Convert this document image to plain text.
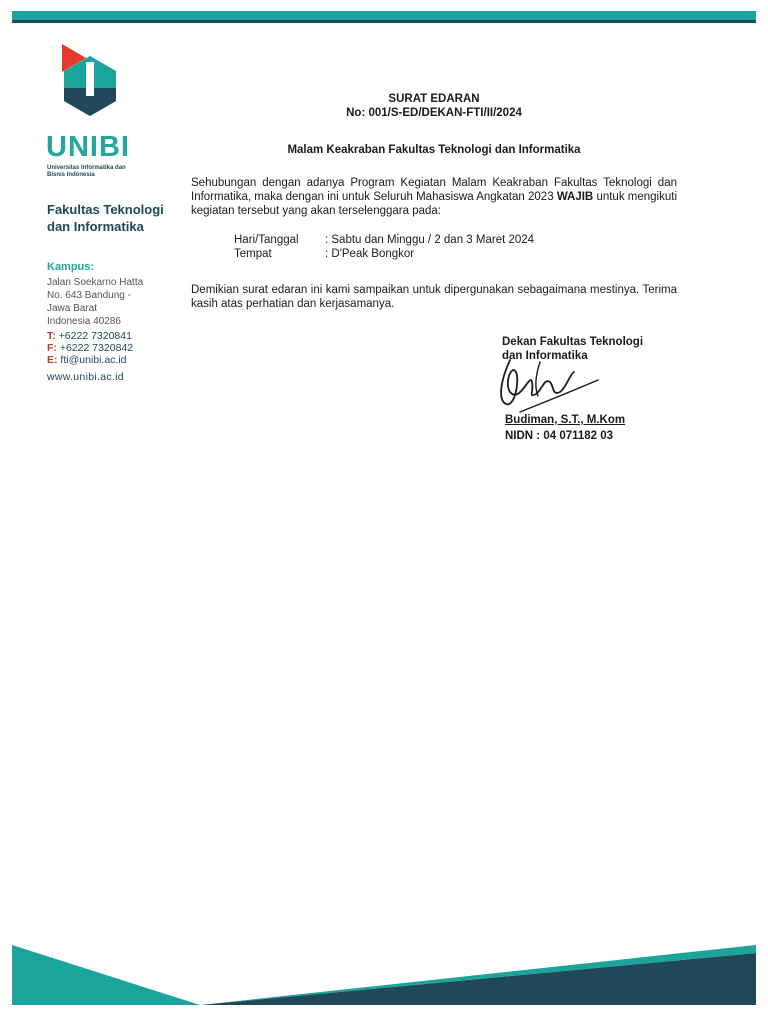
UNIBI
Universitas Informatika dan Bisnis Indonesia
Fakultas Teknologi
dan Informatika
Kampus:
Jalan Soekarno Hatta
No. 643 Bandung -
Jawa Barat
Indonesia 40286
T: +6222 7320841
F: +6222 7320842
E: fti@unibi.ac.id
www.unibi.ac.id
SURAT EDARAN
No: 001/S-ED/DEKAN-FTI/II/2024
Malam Keakraban Fakultas Teknologi dan Informatika
Sehubungan dengan adanya Program Kegiatan Malam Keakraban Fakultas Teknologi dan Informatika, maka dengan ini untuk Seluruh Mahasiswa Angkatan 2023 WAJIB untuk mengikuti kegiatan tersebut yang akan terselenggara pada:
Hari/Tanggal	: Sabtu dan Minggu / 2 dan 3 Maret 2024
Tempat	: D'Peak Bongkor
Demikian surat edaran ini kami sampaikan untuk dipergunakan sebagaimana mestinya. Terima kasih atas perhatian dan kerjasamanya.
Dekan Fakultas Teknologi
dan Informatika
Budiman, S.T., M.Kom
NIDN : 04 071182 03
